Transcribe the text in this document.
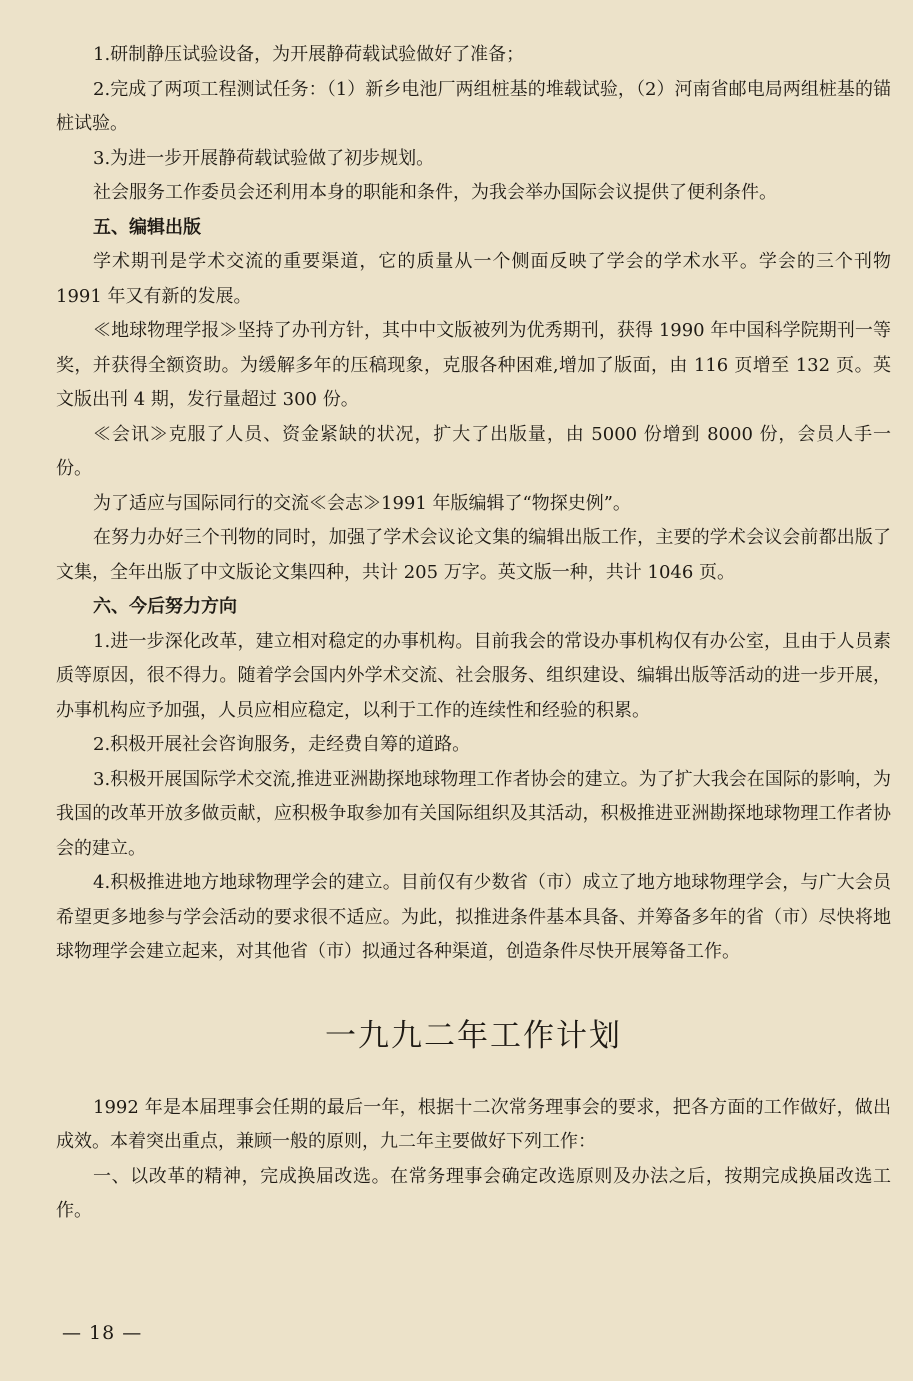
1.研制静压试验设备，为开展静荷载试验做好了准备；

2.完成了两项工程测试任务：（1）新乡电池厂两组桩基的堆载试验，（2）河南省邮电局两组桩基的锚桩试验。

3.为进一步开展静荷载试验做了初步规划。

社会服务工作委员会还利用本身的职能和条件，为我会举办国际会议提供了便利条件。

五、编辑出版

学术期刊是学术交流的重要渠道，它的质量从一个侧面反映了学会的学术水平。学会的三个刊物 1991 年又有新的发展。

≪地球物理学报≫坚持了办刊方针，其中中文版被列为优秀期刊，获得 1990 年中国科学院期刊一等奖，并获得全额资助。为缓解多年的压稿现象，克服各种困难,增加了版面，由 116 页增至 132 页。英文版出刊 4 期，发行量超过 300 份。

≪会讯≫克服了人员、资金紧缺的状况，扩大了出版量，由 5000 份增到 8000 份，会员人手一份。

为了适应与国际同行的交流≪会志≫1991 年版编辑了“物探史例”。

在努力办好三个刊物的同时，加强了学术会议论文集的编辑出版工作，主要的学术会议会前都出版了文集，全年出版了中文版论文集四种，共计 205 万字。英文版一种，共计 1046 页。

六、今后努力方向

1.进一步深化改革，建立相对稳定的办事机构。目前我会的常设办事机构仅有办公室，且由于人员素质等原因，很不得力。随着学会国内外学术交流、社会服务、组织建设、编辑出版等活动的进一步开展，办事机构应予加强，人员应相应稳定，以利于工作的连续性和经验的积累。

2.积极开展社会咨询服务，走经费自筹的道路。

3.积极开展国际学术交流,推进亚洲勘探地球物理工作者协会的建立。为了扩大我会在国际的影响，为我国的改革开放多做贡献，应积极争取参加有关国际组织及其活动，积极推进亚洲勘探地球物理工作者协会的建立。

4.积极推进地方地球物理学会的建立。目前仅有少数省（市）成立了地方地球物理学会，与广大会员希望更多地参与学会活动的要求很不适应。为此，拟推进条件基本具备、并筹备多年的省（市）尽快将地球物理学会建立起来，对其他省（市）拟通过各种渠道，创造条件尽快开展筹备工作。

一九九二年工作计划

1992 年是本届理事会任期的最后一年，根据十二次常务理事会的要求，把各方面的工作做好，做出成效。本着突出重点，兼顾一般的原则，九二年主要做好下列工作：

一、以改革的精神，完成换届改选。在常务理事会确定改选原则及办法之后，按期完成换届改选工作。

— 18 —
